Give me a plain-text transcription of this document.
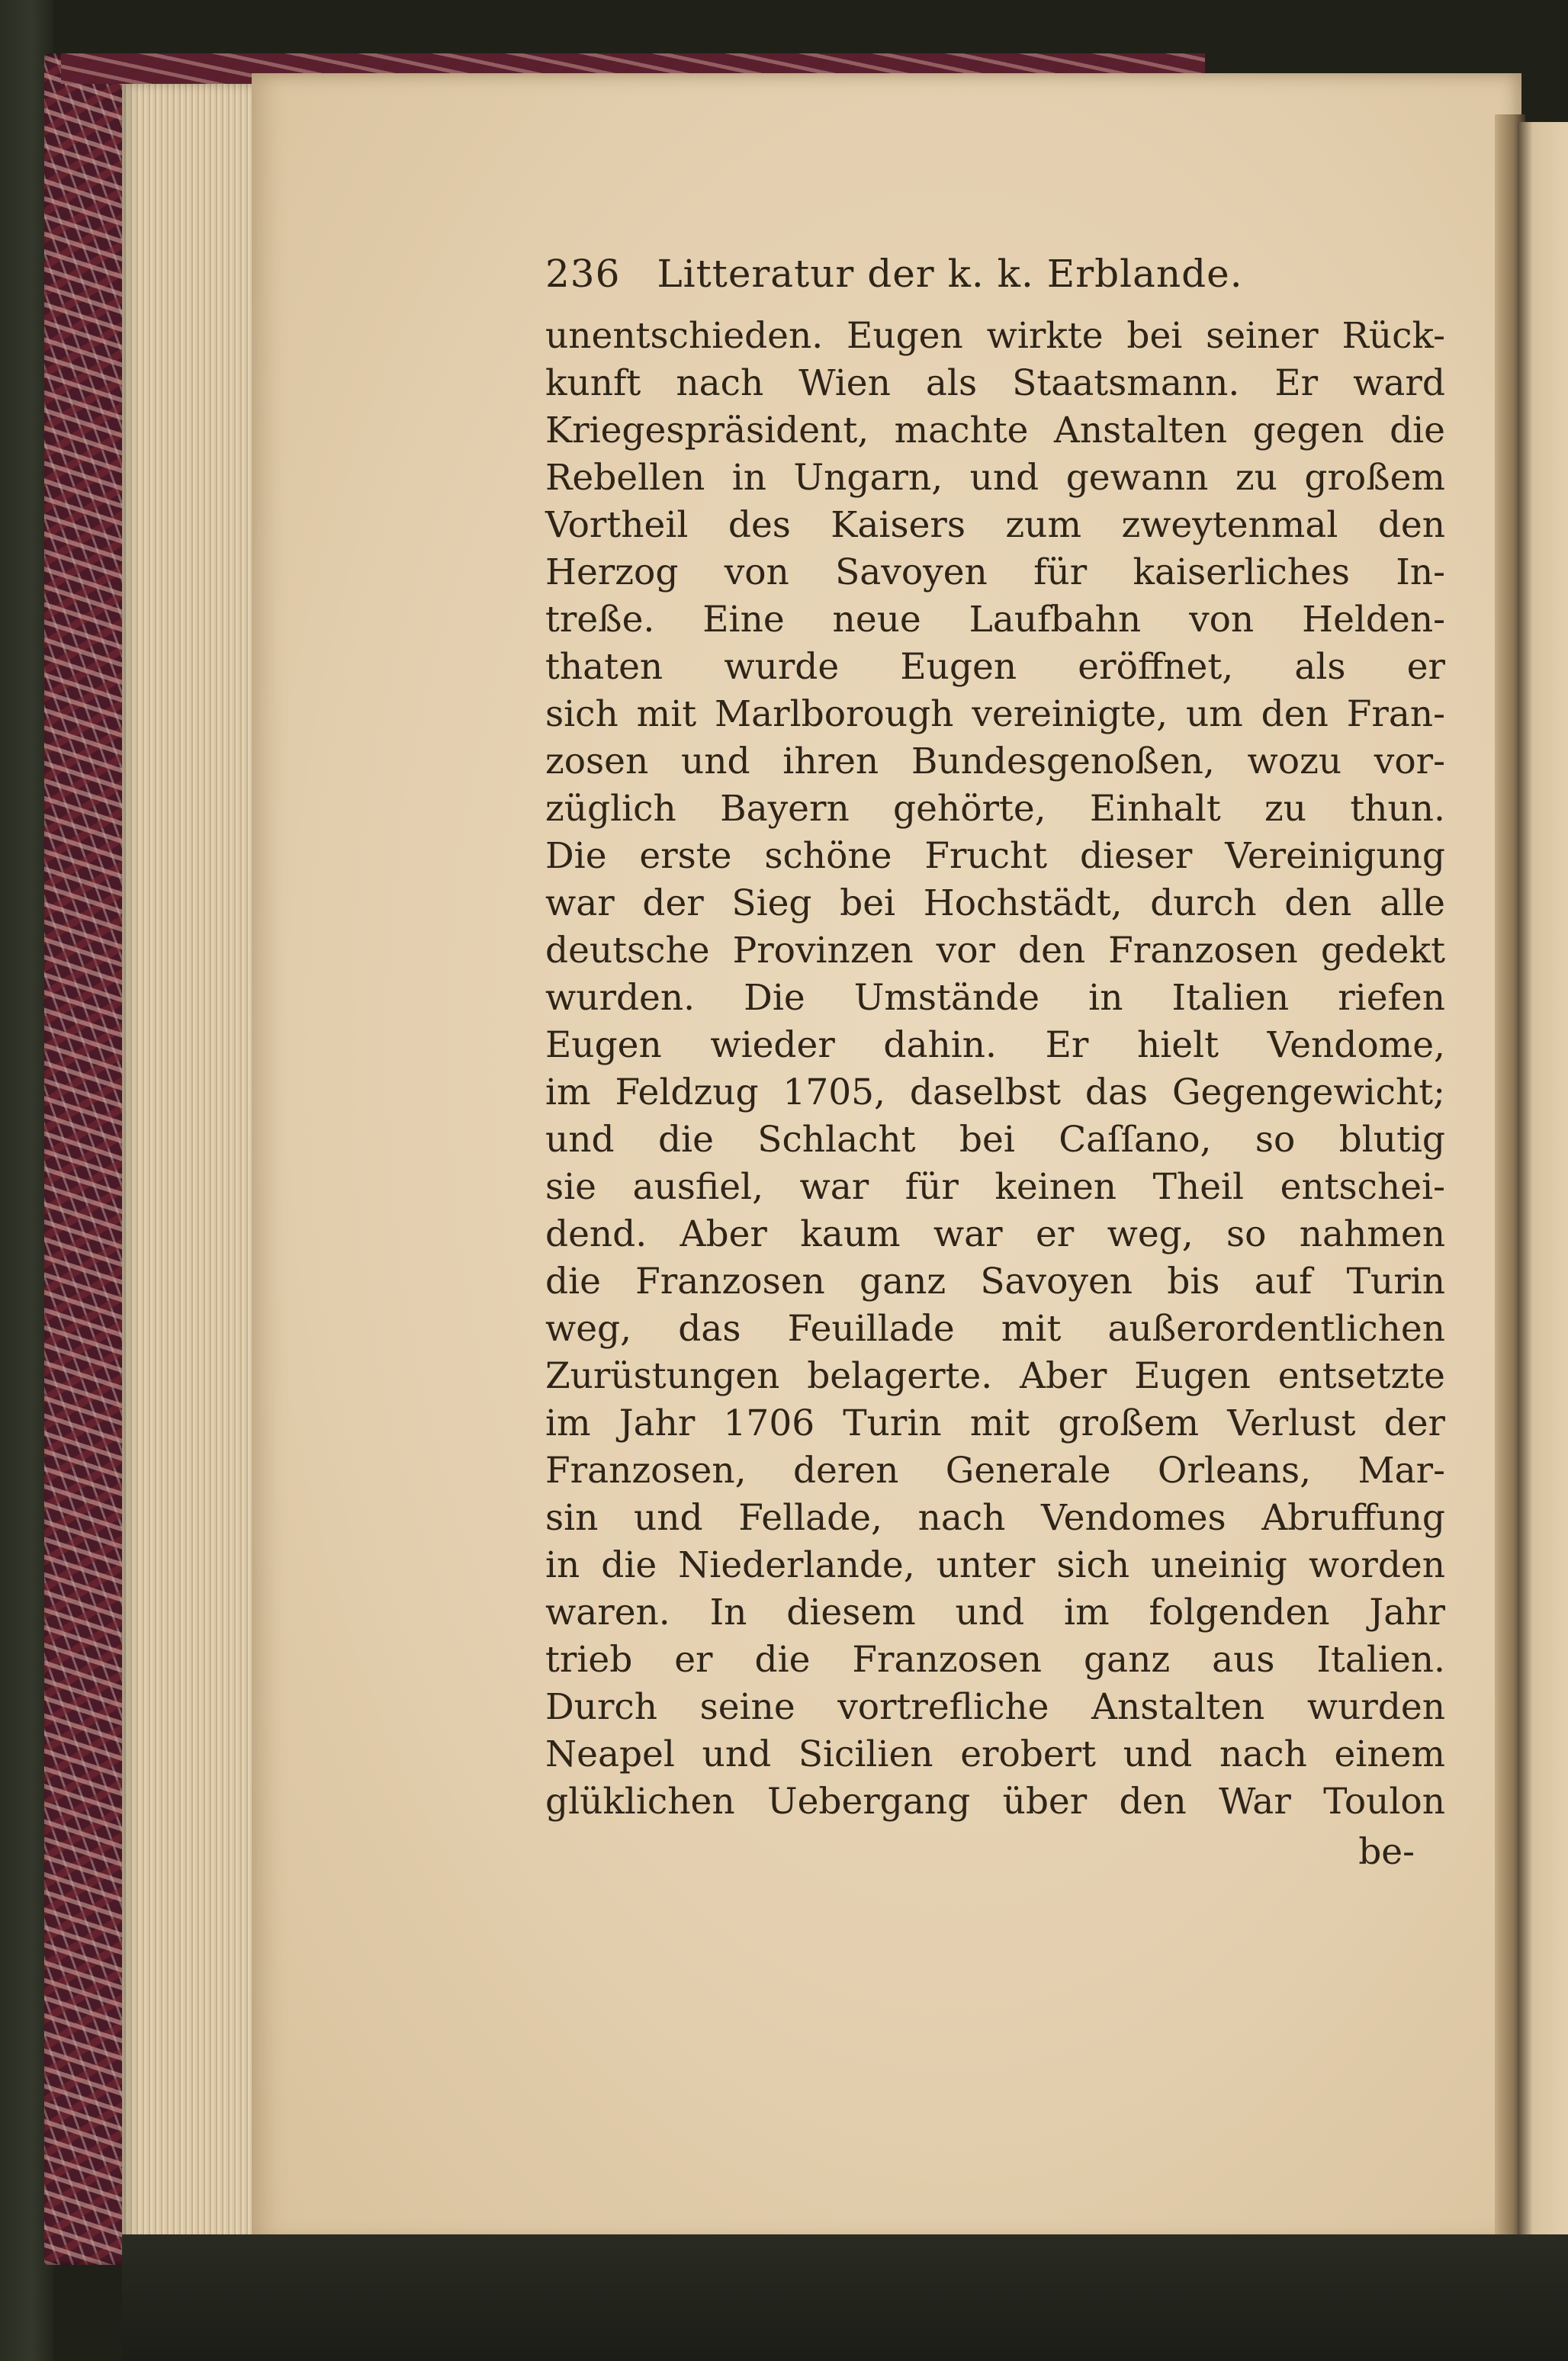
236 Litteratur der k. k. Erblande.
unentschieden. Eugen wirkte bei seiner Rück-
kunft nach Wien als Staatsmann. Er ward
Kriegespräsident, machte Anstalten gegen die
Rebellen in Ungarn, und gewann zu großem
Vortheil des Kaisers zum zweytenmal den
Herzog von Savoyen für kaiserliches In-
treße. Eine neue Laufbahn von Helden-
thaten wurde Eugen eröffnet, als er
sich mit Marlborough vereinigte, um den Fran-
zosen und ihren Bundesgenoßen, wozu vor-
züglich Bayern gehörte, Einhalt zu thun.
Die erste schöne Frucht dieser Vereinigung
war der Sieg bei Hochstädt, durch den alle
deutsche Provinzen vor den Franzosen gedekt
wurden. Die Umstände in Italien riefen
Eugen wieder dahin. Er hielt Vendome,
im Feldzug 1705, daselbst das Gegengewicht;
und die Schlacht bei Caſſano, so blutig
sie ausfiel, war für keinen Theil entschei-
dend. Aber kaum war er weg, so nahmen
die Franzosen ganz Savoyen bis auf Turin
weg, das Feuillade mit außerordentlichen
Zurüstungen belagerte. Aber Eugen entsetzte
im Jahr 1706 Turin mit großem Verlust der
Franzosen, deren Generale Orleans, Mar-
sin und Fellade, nach Vendomes Abruffung
in die Niederlande, unter sich uneinig worden
waren. In diesem und im folgenden Jahr
trieb er die Franzosen ganz aus Italien.
Durch seine vortrefliche Anstalten wurden
Neapel und Sicilien erobert und nach einem
glüklichen Uebergang über den War Toulon
be-
